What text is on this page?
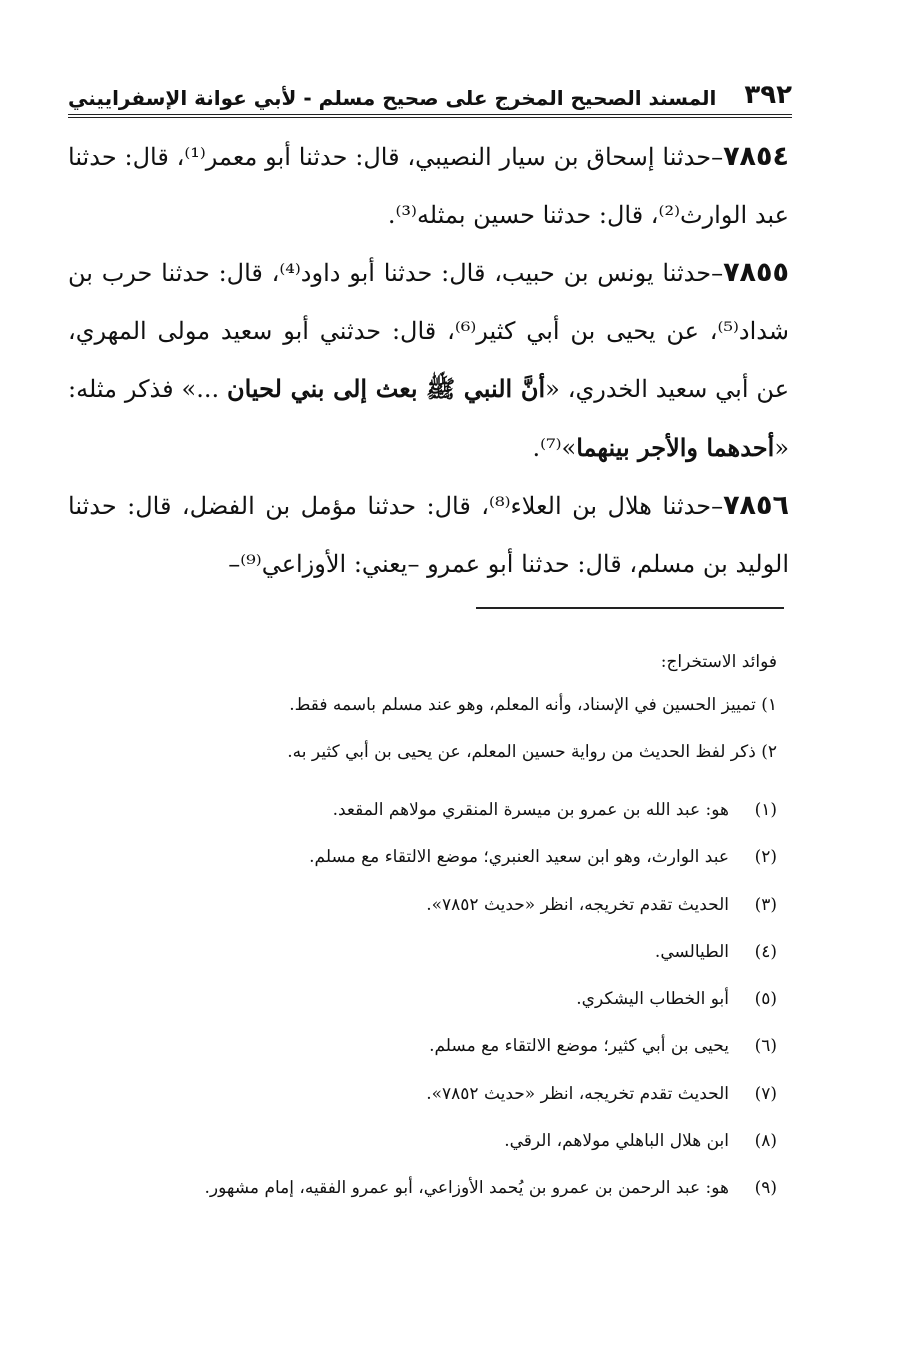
٣٩٢
المسند الصحيح المخرج على صحيح مسلم - لأبي عوانة الإسفراييني

٧٨٥٤–حدثنا إسحاق بن سيار النصيبي، قال: حدثنا أبو معمر⁽¹⁾، قال: حدثنا عبد الوارث⁽²⁾، قال: حدثنا حسين بمثله⁽³⁾.

٧٨٥٥–حدثنا يونس بن حبيب، قال: حدثنا أبو داود⁽⁴⁾، قال: حدثنا حرب بن شداد⁽⁵⁾، عن يحيى بن أبي كثير⁽⁶⁾، قال: حدثني أبو سعيد مولى المهري، عن أبي سعيد الخدري، «أنَّ النبي ﷺ بعث إلى بني لحيان ...» فذكر مثله: «أحدهما والأجر بينهما»⁽⁷⁾.

٧٨٥٦–حدثنا هلال بن العلاء⁽⁸⁾، قال: حدثنا مؤمل بن الفضل، قال: حدثنا الوليد بن مسلم، قال: حدثنا أبو عمرو –يعني: الأوزاعي⁽⁹⁾–

فوائد الاستخراج:

١) تمييز الحسين في الإسناد، وأنه المعلم، وهو عند مسلم باسمه فقط.

٢) ذكر لفظ الحديث من رواية حسين المعلم، عن يحيى بن أبي كثير به.

(١)
هو: عبد الله بن عمرو بن ميسرة المنقري مولاهم المقعد.

(٢)
عبد الوارث، وهو ابن سعيد العنبري؛ موضع الالتقاء مع مسلم.

(٣)
الحديث تقدم تخريجه، انظر «حديث ٧٨٥٢».

(٤)
الطيالسي.

(٥)
أبو الخطاب اليشكري.

(٦)
يحيى بن أبي كثير؛ موضع الالتقاء مع مسلم.

(٧)
الحديث تقدم تخريجه، انظر «حديث ٧٨٥٢».

(٨)
ابن هلال الباهلي مولاهم، الرقي.

(٩)
هو: عبد الرحمن بن عمرو بن يُحمد الأوزاعي، أبو عمرو الفقيه، إمام مشهور.
